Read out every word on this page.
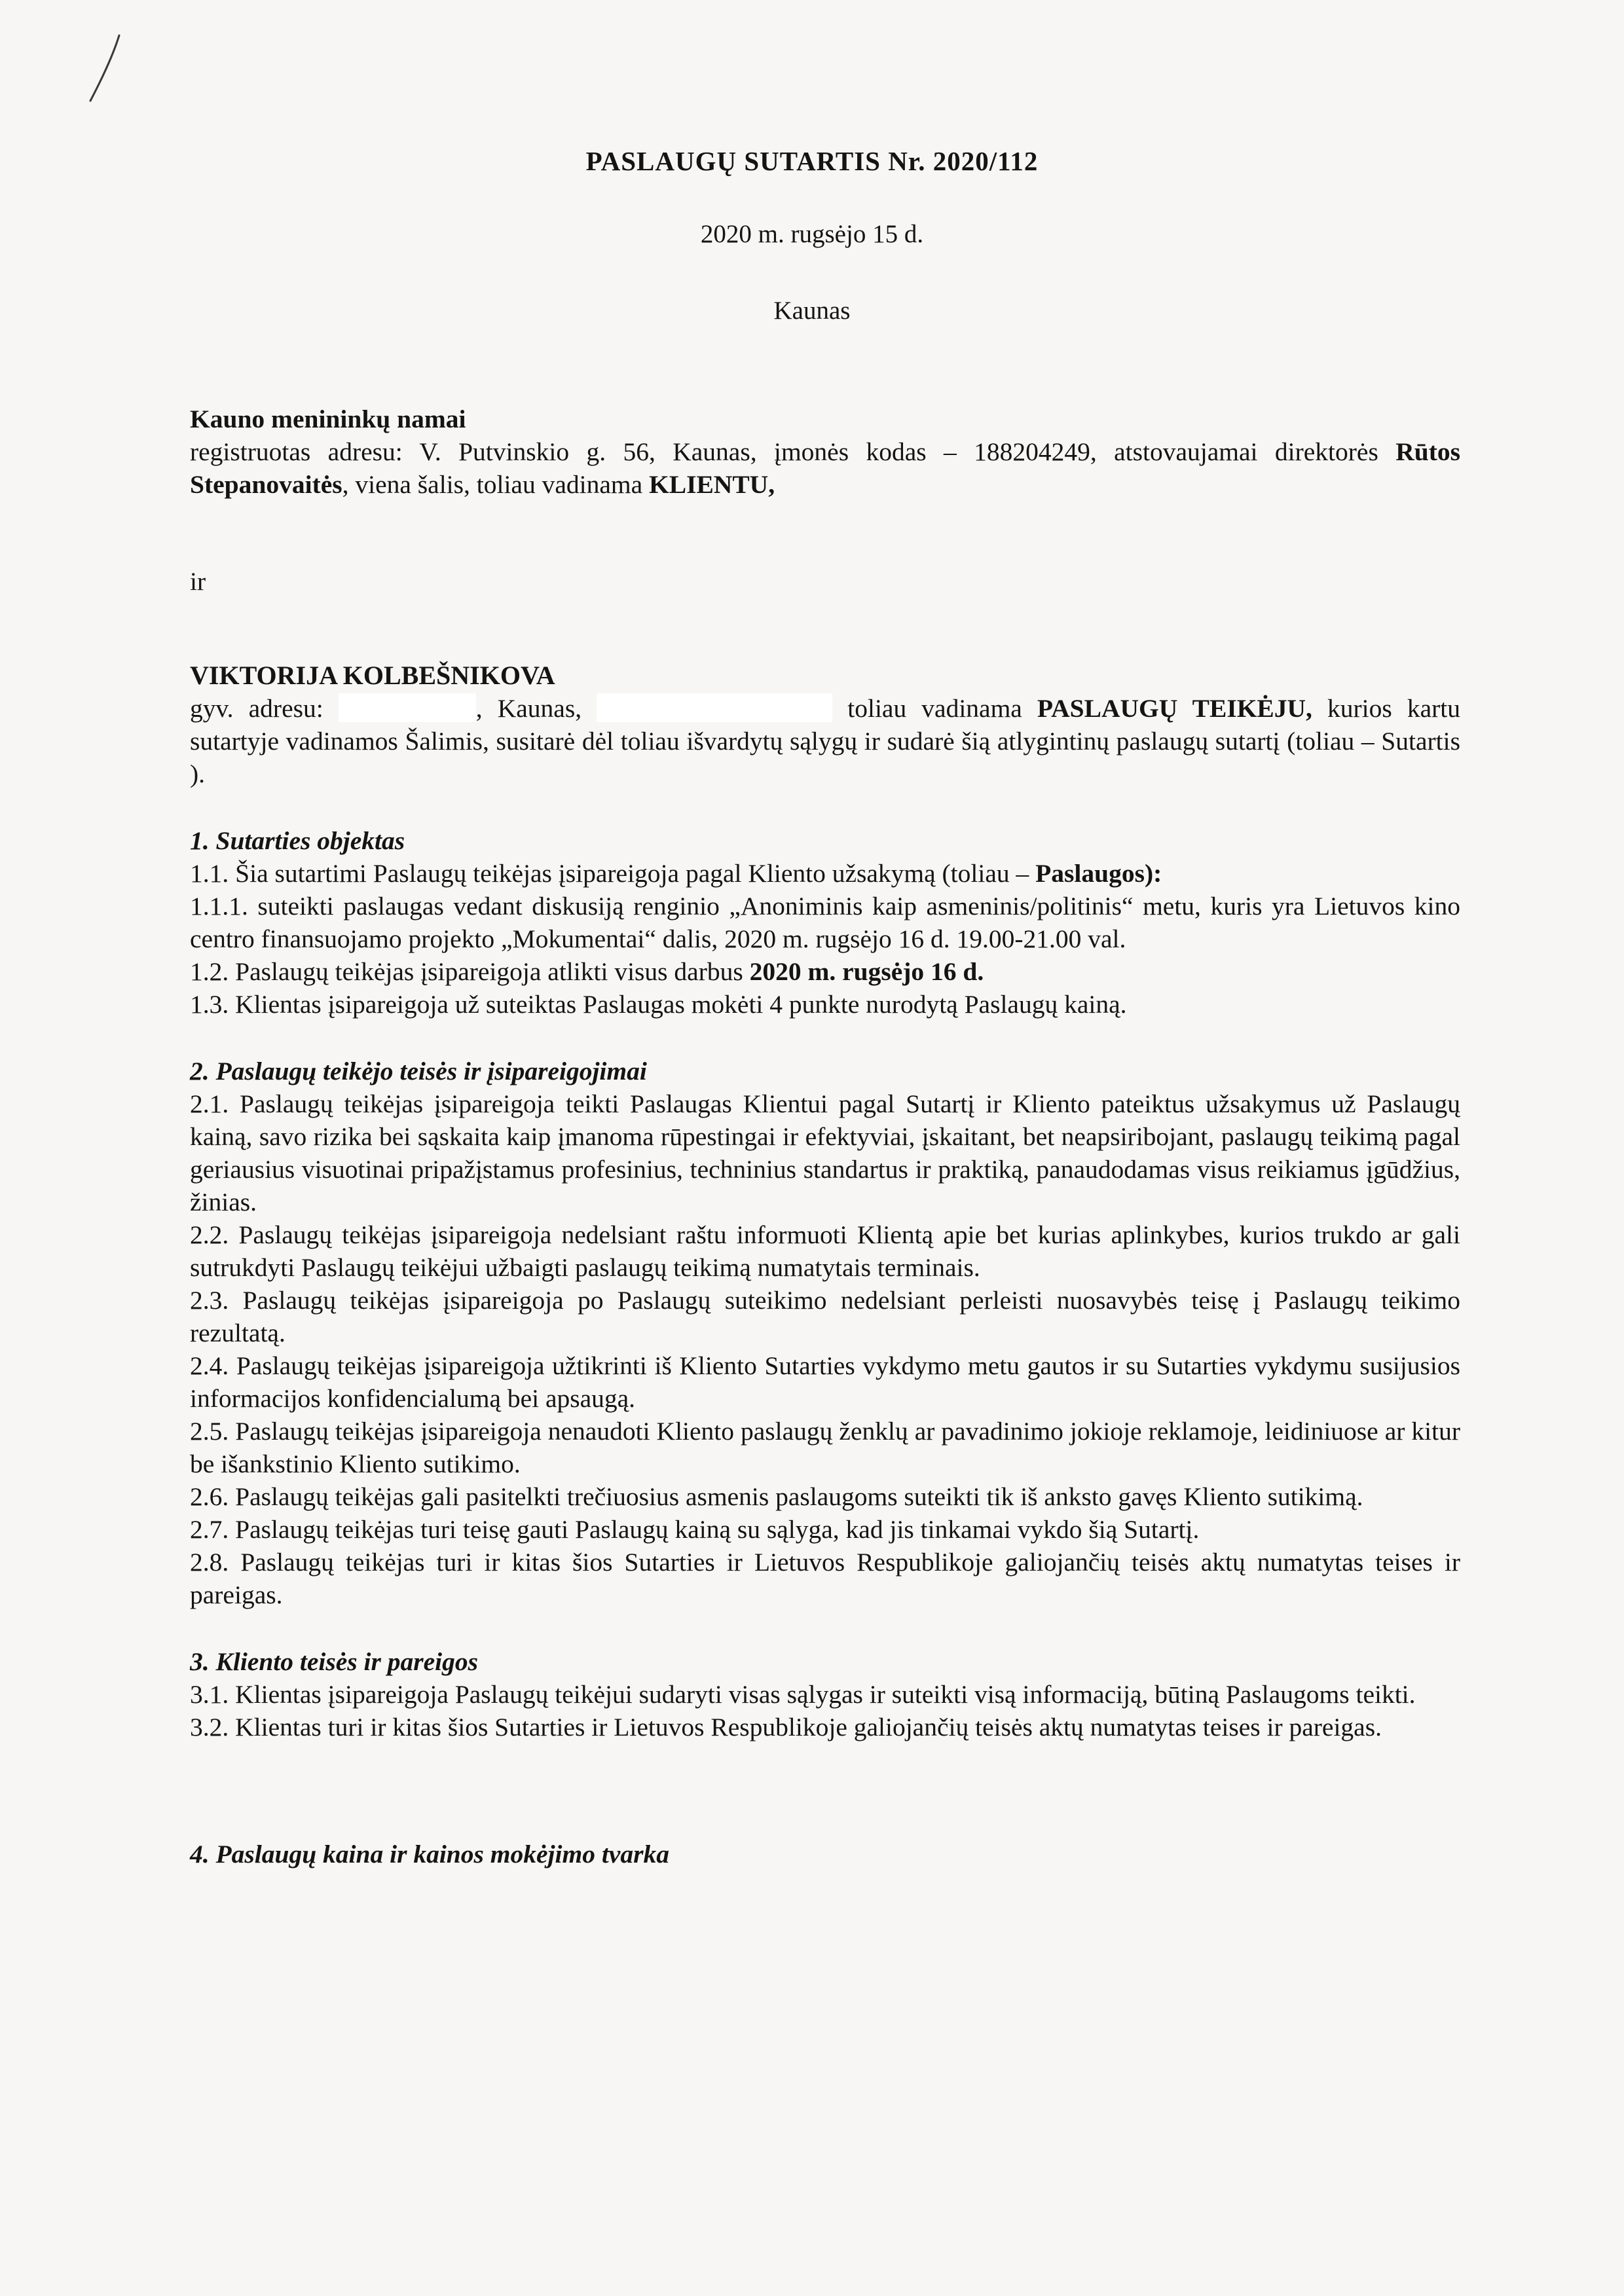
PASLAUGŲ SUTARTIS Nr. 2020/112

2020 m. rugsėjo 15 d.

Kaunas

Kauno menininkų namai

registruotas adresu: V. Putvinskio g. 56, Kaunas, įmonės kodas – 188204249, atstovaujamai direktorės Rūtos Stepanovaitės, viena šalis, toliau vadinama KLIENTU,

ir

VIKTORIJA KOLBEŠNIKOVA

gyv. adresu:	, Kaunas,	toliau vadinama PASLAUGŲ TEIKĖJU, kurios kartu sutartyje vadinamos Šalimis, susitarė dėl toliau išvardytų sąlygų ir sudarė šią atlygintinų paslaugų sutartį (toliau – Sutartis ).

1. Sutarties objektas

1.1. Šia sutartimi Paslaugų teikėjas įsipareigoja pagal Kliento užsakymą (toliau – Paslaugos):

1.1.1. suteikti paslaugas vedant diskusiją renginio „Anoniminis kaip asmeninis/politinis“ metu, kuris yra Lietuvos kino centro finansuojamo projekto „Mokumentai“ dalis, 2020 m. rugsėjo 16 d. 19.00-21.00 val.

1.2. Paslaugų teikėjas įsipareigoja atlikti visus darbus 2020 m. rugsėjo 16 d.

1.3. Klientas įsipareigoja už suteiktas Paslaugas mokėti 4 punkte nurodytą Paslaugų kainą.

2. Paslaugų teikėjo teisės ir įsipareigojimai

2.1. Paslaugų teikėjas įsipareigoja teikti Paslaugas Klientui pagal Sutartį ir Kliento pateiktus užsakymus už Paslaugų kainą, savo rizika bei sąskaita kaip įmanoma rūpestingai ir efektyviai, įskaitant, bet neapsiribojant, paslaugų teikimą pagal geriausius visuotinai pripažįstamus profesinius, techninius standartus ir praktiką, panaudodamas visus reikiamus įgūdžius, žinias.

2.2. Paslaugų teikėjas įsipareigoja nedelsiant raštu informuoti Klientą apie bet kurias aplinkybes, kurios trukdo ar gali sutrukdyti Paslaugų teikėjui užbaigti paslaugų teikimą numatytais terminais.

2.3. Paslaugų teikėjas įsipareigoja po Paslaugų suteikimo nedelsiant perleisti nuosavybės teisę į Paslaugų teikimo rezultatą.

2.4. Paslaugų teikėjas įsipareigoja užtikrinti iš Kliento Sutarties vykdymo metu gautos ir su Sutarties vykdymu susijusios informacijos konfidencialumą bei apsaugą.

2.5. Paslaugų teikėjas įsipareigoja nenaudoti Kliento paslaugų ženklų ar pavadinimo jokioje reklamoje, leidiniuose ar kitur be išankstinio Kliento sutikimo.

2.6. Paslaugų teikėjas gali pasitelkti trečiuosius asmenis paslaugoms suteikti tik iš anksto gavęs Kliento sutikimą.

2.7. Paslaugų teikėjas turi teisę gauti Paslaugų kainą su sąlyga, kad jis tinkamai vykdo šią Sutartį.

2.8. Paslaugų teikėjas turi ir kitas šios Sutarties ir Lietuvos Respublikoje galiojančių teisės aktų numatytas teises ir pareigas.

3. Kliento teisės ir pareigos

3.1. Klientas įsipareigoja Paslaugų teikėjui sudaryti visas sąlygas ir suteikti visą informaciją, būtiną Paslaugoms teikti.

3.2. Klientas turi ir kitas šios Sutarties ir Lietuvos Respublikoje galiojančių teisės aktų numatytas teises ir pareigas.

4. Paslaugų kaina ir kainos mokėjimo tvarka
